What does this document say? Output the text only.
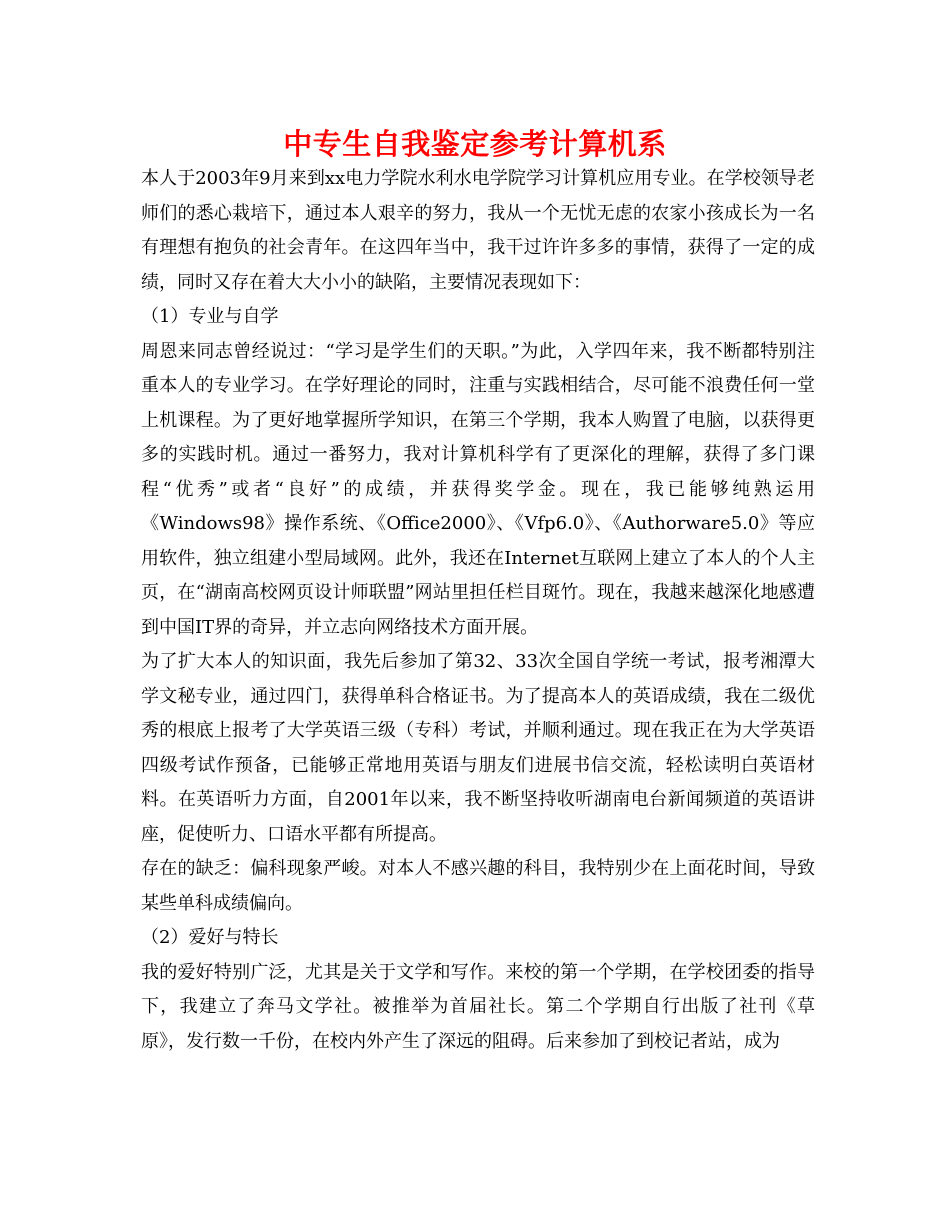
中专生自我鉴定参考计算机系

本人于2003年9月来到xx电力学院水利水电学院学习计算机应用专业。在学校领导老师们的悉心栽培下，通过本人艰辛的努力，我从一个无忧无虑的农家小孩成长为一名有理想有抱负的社会青年。在这四年当中，我干过许许多多的事情，获得了一定的成绩，同时又存在着大大小小的缺陷，主要情况表现如下：

（1）专业与自学

周恩来同志曾经说过：“学习是学生们的天职。”为此，入学四年来，我不断都特别注重本人的专业学习。在学好理论的同时，注重与实践相结合，尽可能不浪费任何一堂上机课程。为了更好地掌握所学知识，在第三个学期，我本人购置了电脑，以获得更多的实践时机。通过一番努力，我对计算机科学有了更深化的理解，获得了多门课程“优秀”或者“良好”的成绩，并获得奖学金。现在，我已能够纯熟运用《Windows98》操作系统、《Office2000》、《Vfp6.0》、《Authorware5.0》等应用软件，独立组建小型局域网。此外，我还在Internet互联网上建立了本人的个人主页，在“湖南高校网页设计师联盟”网站里担任栏目斑竹。现在，我越来越深化地感遭到中国IT界的奇异，并立志向网络技术方面开展。

为了扩大本人的知识面，我先后参加了第32、33次全国自学统一考试，报考湘潭大学文秘专业，通过四门，获得单科合格证书。为了提高本人的英语成绩，我在二级优秀的根底上报考了大学英语三级（专科）考试，并顺利通过。现在我正在为大学英语四级考试作预备，已能够正常地用英语与朋友们进展书信交流，轻松读明白英语材料。在英语听力方面，自2001年以来，我不断坚持收听湖南电台新闻频道的英语讲座，促使听力、口语水平都有所提高。

存在的缺乏：偏科现象严峻。对本人不感兴趣的科目，我特别少在上面花时间，导致某些单科成绩偏向。

（2）爱好与特长

我的爱好特别广泛，尤其是关于文学和写作。来校的第一个学期，在学校团委的指导下，我建立了奔马文学社。被推举为首届社长。第二个学期自行出版了社刊《草原》，发行数一千份，在校内外产生了深远的阻碍。后来参加了到校记者站，成为
